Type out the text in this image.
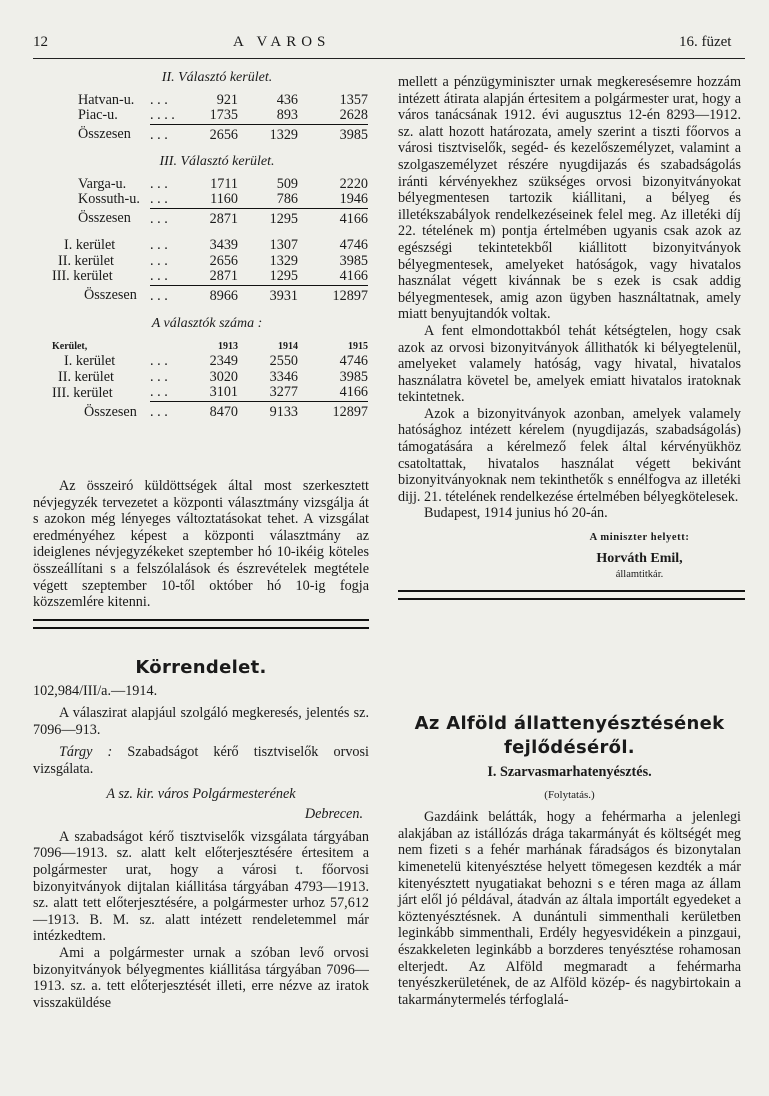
12	A VAROS	16. füzet
II. Választó kerület.
Hatvan-u.	. . .	921	436	1357
Piac-u.	. . . .	1735	893	2628
Összesen	. . .	2656	1329	3985
III. Választó kerület.
Varga-u.	. . .	1711	509	2220
Kossuth-u.	. . .	1160	786	1946
Összesen	. . .	2871	1295	4166
I. kerület	. . .	3439	1307	4746
II. kerület	. . .	2656	1329	3985
III. kerület	. . .	2871	1295	4166
Összesen	. . .	8966	3931	12897
A választók száma :
Kerület,		1913	1914	1915
I. kerület	. . .	2349	2550	4746
II. kerület	. . .	3020	3346	3985
III. kerület	. . .	3101	3277	4166
Összesen	. . .	8470	9133	12897

Az összeiró küldöttségek által most szerkesztett névjegyzék tervezetet a központi választmány vizsgálja át s azokon még lényeges változtatásokat tehet. A vizsgálat eredményéhez képest a központi választmány az ideiglenes névjegyzékeket szeptember hó 10-ikéig köteles összeállítani s a felszólalások és észrevételek megtétele végett szeptember 10-től október hó 10-ig fogja közszemlére kitenni.

Körrendelet.

102,984/III/a.—1914.

A válaszirat alapjául szolgáló megkeresés, jelentés sz. 7096—913.

Tárgy : Szabadságot kérő tisztviselők orvosi vizsgálata.

A sz. kir. város Polgármesterének
Debrecen.

A szabadságot kérő tisztviselők vizsgálata tárgyában 7096—1913. sz. alatt kelt előterjesztésére értesitem a polgármester urat, hogy a városi t. főorvosi bizonyitványok dijtalan kiállitása tárgyában 4793—1913. sz. alatt tett előterjesztésére, a polgármester urhoz 57,612—1913. B. M. sz. alatt intézett rendeletemmel már intézkedtem.

Ami a polgármester urnak a szóban levő orvosi bizonyitványok bélyegmentes kiállitása tárgyában 7096—1913. sz. a. tett előterjesztését illeti, erre nézve az iratok visszaküldése

mellett a pénzügyminiszter urnak megkeresésemre hozzám intézett átirata alapján értesitem a polgármester urat, hogy a város tanácsának 1912. évi augusztus 12-én 8293—1912. sz. alatt hozott határozata, amely szerint a tiszti főorvos a városi tisztviselők, segéd- és kezelőszemélyzet, valamint a szolgaszemélyzet részére nyugdijazás és szabadságolás iránti kérvényekhez szükséges orvosi bizonyitványokat bélyegmentesen tartozik kiállitani, a bélyeg és illetékszabályok rendelkezéseinek felel meg. Az illetéki díj 22. tételének m) pontja értelmében ugyanis csak azok az egészségi tekintetekből kiállitott bizonyitványok bélyegmentesek, amelyeket hatóságok, vagy hivatalos használat végett kivánnak be s ezek is csak addig bélyegmentesek, amig azon ügyben használtatnak, amely miatt benyujtandók voltak.

A fent elmondottakból tehát kétségtelen, hogy csak azok az orvosi bizonyitványok állithatók ki bélyegtelenül, amelyeket valamely hatóság, vagy hivatal, hivatalos használatra követel be, amelyek emiatt hivatalos iratoknak tekintetnek.

Azok a bizonyitványok azonban, amelyek valamely hatósághoz intézett kérelem (nyugdijazás, szabadságolás) támogatására a kérelmező felek által kérvényükhöz csatoltattak, hivatalos használat végett bekivánt bizonyitványoknak nem tekinthetők s ennélfogva az illetéki dijj. 21. tételének rendelkezése értelmében bélyegkötelesek.

Budapest, 1914 junius hó 20-án.

A miniszter helyett:
Horváth Emil,
államtitkár.
Az Alföld állattenyésztésének
fejlődéséről.
I. Szarvasmarhatenyésztés.
(Folytatás.)

Gazdáink belátták, hogy a fehérmarha a jelenlegi alakjában az istállózás drága takarmányát és költségét meg nem fizeti s a fehér marhának fáradságos és bizonytalan kimenetelü kitenyésztése helyett tömegesen kezdték a már kitenyésztett nyugatiakat behozni s e téren maga az állam járt elől jó példával, átadván az általa importált egyedeket a köztenyésztésnek. A dunántuli simmenthali kerületben leginkább simmenthali, Erdély hegyesvidékein a pinzgaui, északkeleten leginkább a borzderes tenyésztése rohamosan elterjedt. Az Alföld megmaradt a fehérmarha tenyészkerületének, de az Alföld közép- és nagybirtokain a takarmánytermelés térfoglalá-
